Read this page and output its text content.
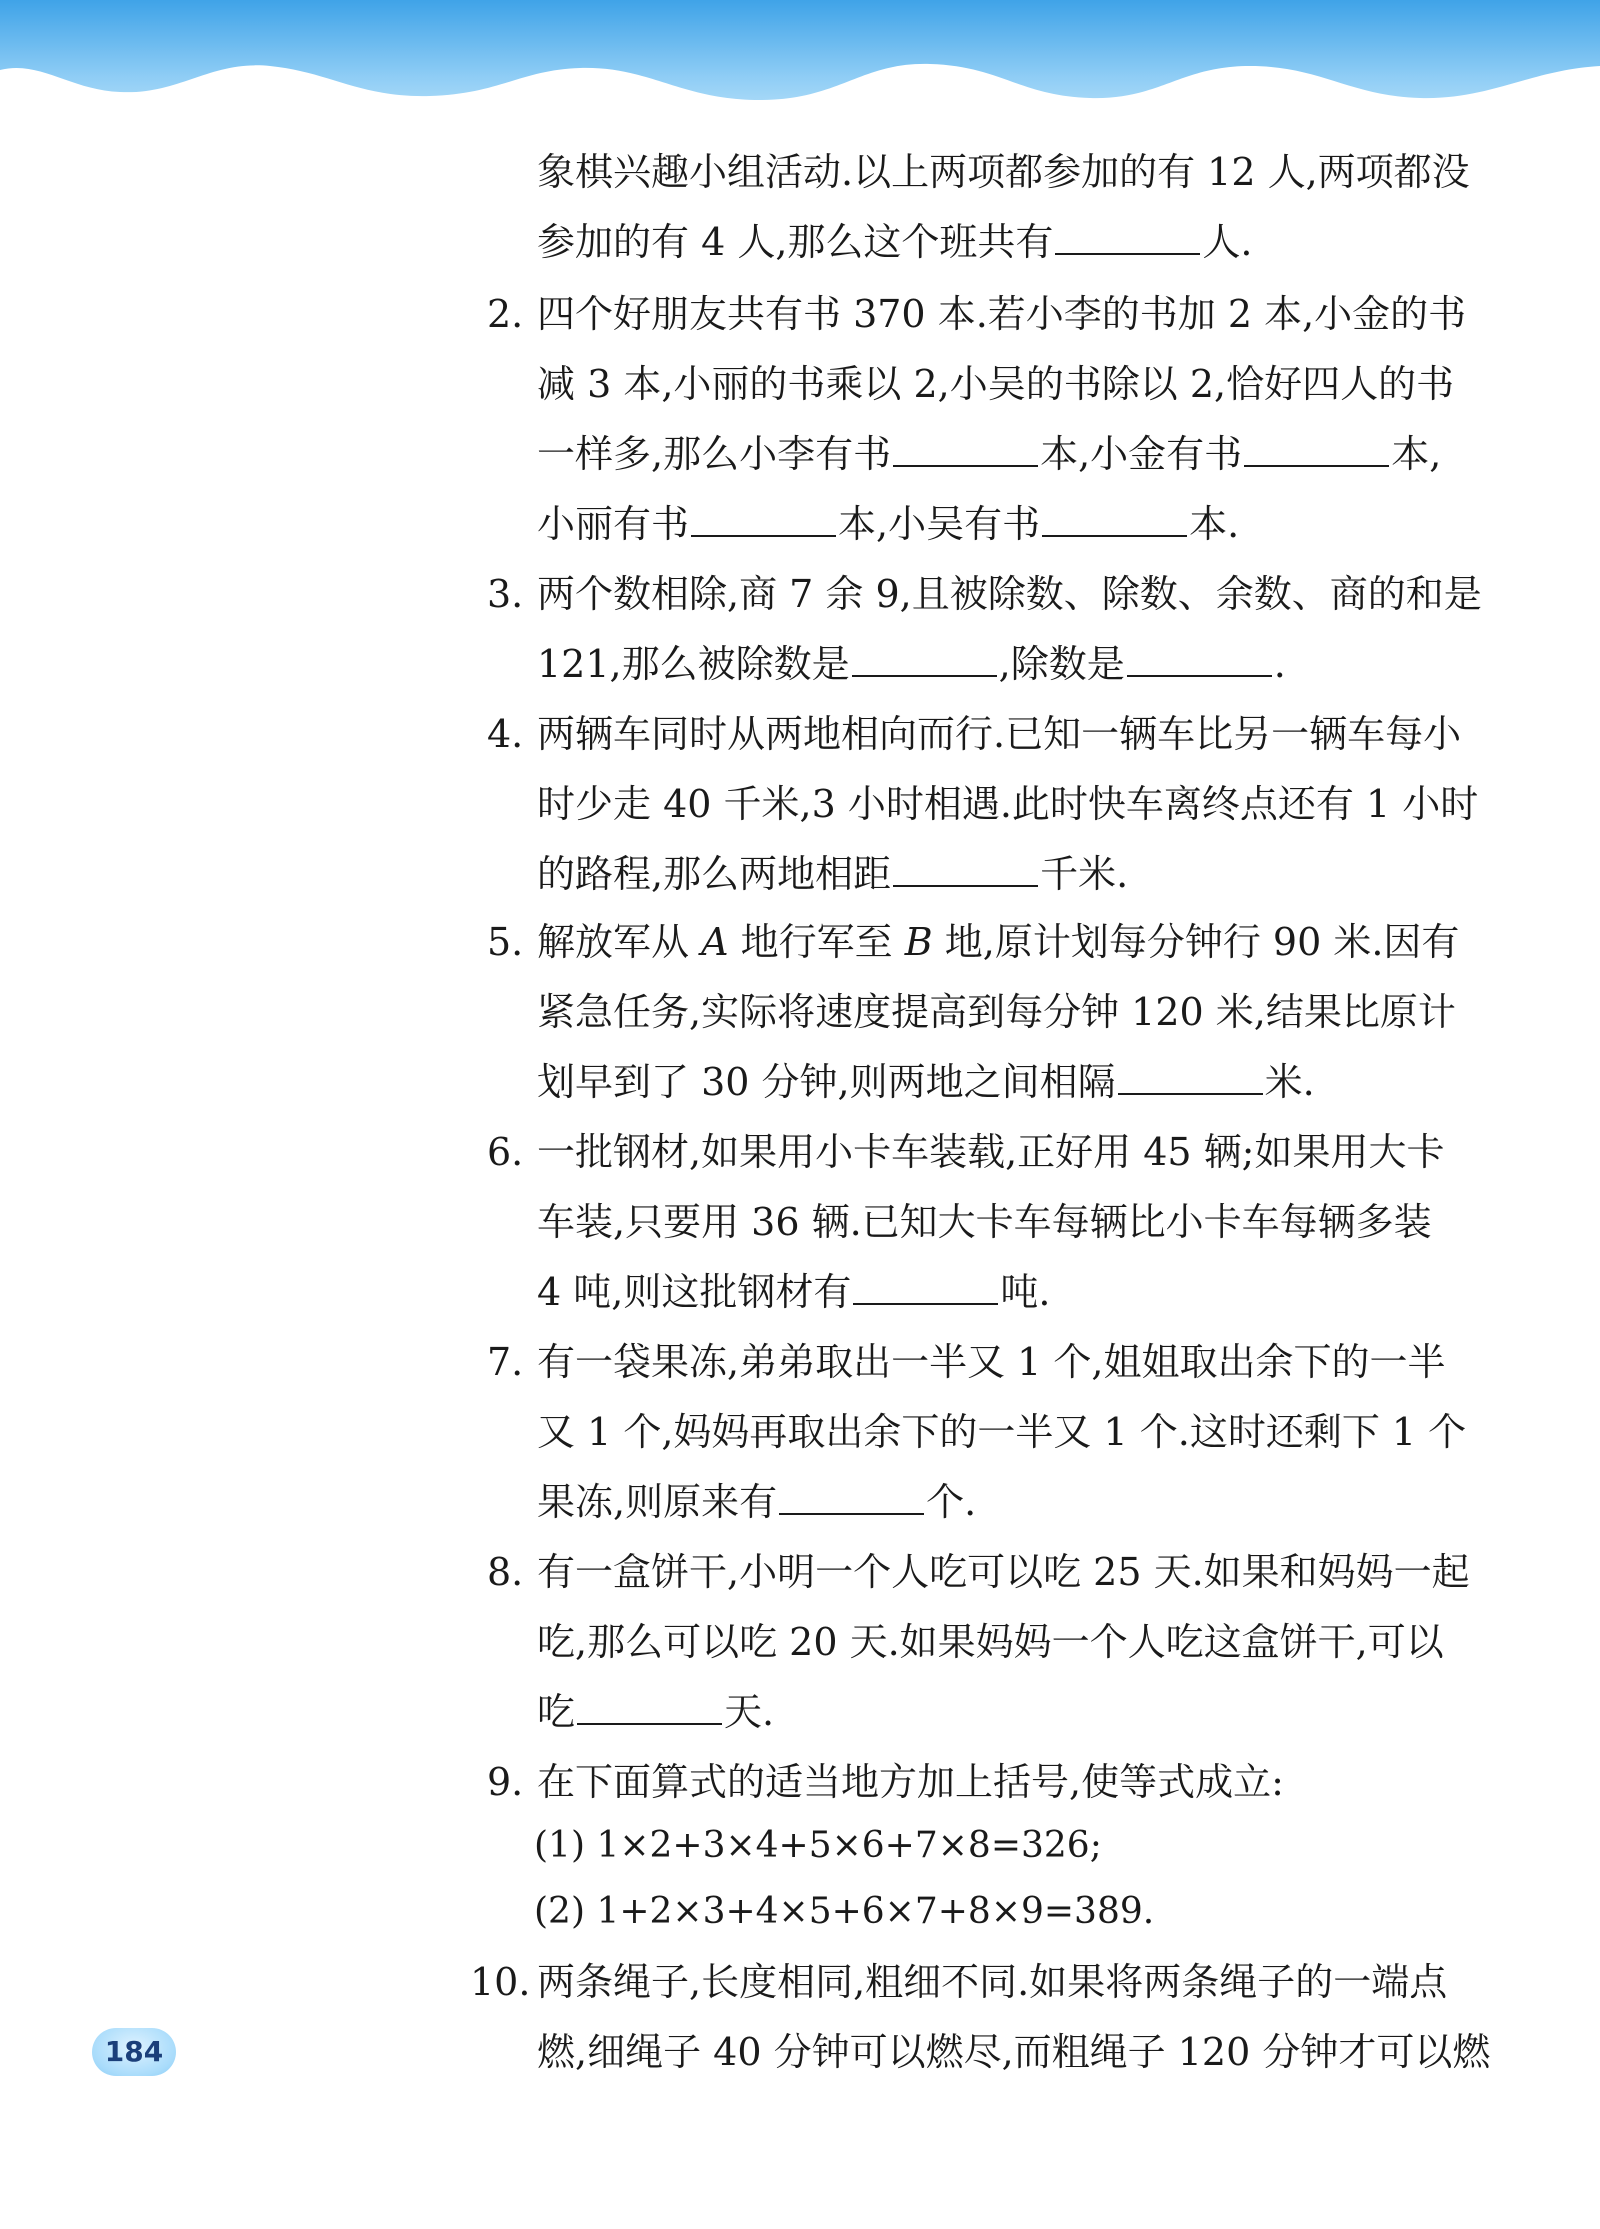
象棋兴趣小组活动.以上两项都参加的有 12 人,两项都没
参加的有 4 人,那么这个班共有	人.
2. 四个好朋友共有书 370 本.若小李的书加 2 本,小金的书
减 3 本,小丽的书乘以 2,小吴的书除以 2,恰好四人的书
一样多,那么小李有书	本,小金有书	本,
小丽有书	本,小吴有书	本.
3. 两个数相除,商 7 余 9,且被除数、除数、余数、商的和是
121,那么被除数是	,除数是	.
4. 两辆车同时从两地相向而行.已知一辆车比另一辆车每小
时少走 40 千米,3 小时相遇.此时快车离终点还有 1 小时
的路程,那么两地相距	千米.
5. 解放军从 A 地行军至 B 地,原计划每分钟行 90 米.因有
紧急任务,实际将速度提高到每分钟 120 米,结果比原计
划早到了 30 分钟,则两地之间相隔	米.
6. 一批钢材,如果用小卡车装载,正好用 45 辆;如果用大卡
车装,只要用 36 辆.已知大卡车每辆比小卡车每辆多装
4 吨,则这批钢材有	吨.
7. 有一袋果冻,弟弟取出一半又 1 个,姐姐取出余下的一半
又 1 个,妈妈再取出余下的一半又 1 个.这时还剩下 1 个
果冻,则原来有	个.
8. 有一盒饼干,小明一个人吃可以吃 25 天.如果和妈妈一起
吃,那么可以吃 20 天.如果妈妈一个人吃这盒饼干,可以
吃	天.
9. 在下面算式的适当地方加上括号,使等式成立:
(1) 1×2+3×4+5×6+7×8=326;
(2) 1+2×3+4×5+6×7+8×9=389.
10. 两条绳子,长度相同,粗细不同.如果将两条绳子的一端点
燃,细绳子 40 分钟可以燃尽,而粗绳子 120 分钟才可以燃
184
